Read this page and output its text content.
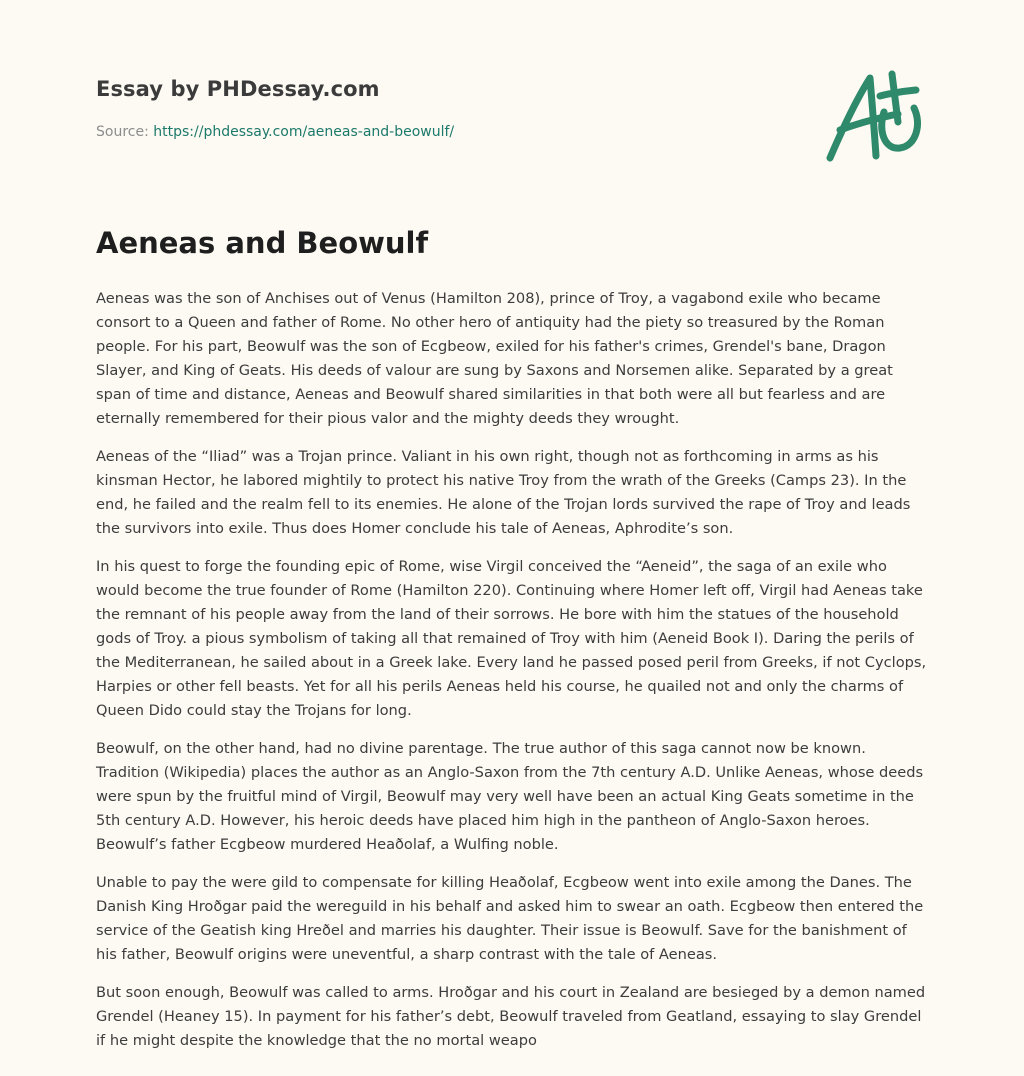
Essay by PHDessay.com
Source: https://phdessay.com/aeneas-and-beowulf/
Aeneas and Beowulf

Aeneas was the son of Anchises out of Venus (Hamilton 208), prince of Troy, a vagabond exile who became consort to a Queen and father of Rome. No other hero of antiquity had the piety so treasured by the Roman people. For his part, Beowulf was the son of Ecgbeow, exiled for his father's crimes, Grendel's bane, Dragon Slayer, and King of Geats. His deeds of valour are sung by Saxons and Norsemen alike. Separated by a great span of time and distance, Aeneas and Beowulf shared similarities in that both were all but fearless and are eternally remembered for their pious valor and the mighty deeds they wrought.

Aeneas of the “Iliad” was a Trojan prince. Valiant in his own right, though not as forthcoming in arms as his kinsman Hector, he labored mightily to protect his native Troy from the wrath of the Greeks (Camps 23). In the end, he failed and the realm fell to its enemies. He alone of the Trojan lords survived the rape of Troy and leads the survivors into exile. Thus does Homer conclude his tale of Aeneas, Aphrodite’s son.

In his quest to forge the founding epic of Rome, wise Virgil conceived the “Aeneid”, the saga of an exile who would become the true founder of Rome (Hamilton 220). Continuing where Homer left off, Virgil had Aeneas take the remnant of his people away from the land of their sorrows. He bore with him the statues of the household gods of Troy. a pious symbolism of taking all that remained of Troy with him (Aeneid Book I). Daring the perils of the Mediterranean, he sailed about in a Greek lake. Every land he passed posed peril from Greeks, if not Cyclops, Harpies or other fell beasts. Yet for all his perils Aeneas held his course, he quailed not and only the charms of Queen Dido could stay the Trojans for long.

Beowulf, on the other hand, had no divine parentage. The true author of this saga cannot now be known. Tradition (Wikipedia) places the author as an Anglo-Saxon from the 7th century A.D. Unlike Aeneas, whose deeds were spun by the fruitful mind of Virgil, Beowulf may very well have been an actual King Geats sometime in the 5th century A.D. However, his heroic deeds have placed him high in the pantheon of Anglo-Saxon heroes. Beowulf’s father Ecgbeow murdered Heaðolaf, a Wulfing noble.

Unable to pay the were gild to compensate for killing Heaðolaf, Ecgbeow went into exile among the Danes. The Danish King Hroðgar paid the wereguild in his behalf and asked him to swear an oath. Ecgbeow then entered the service of the Geatish king Hreðel and marries his daughter. Their issue is Beowulf. Save for the banishment of his father, Beowulf origins were uneventful, a sharp contrast with the tale of Aeneas.

But soon enough, Beowulf was called to arms. Hroðgar and his court in Zealand are besieged by a demon named Grendel (Heaney 15). In payment for his father’s debt, Beowulf traveled from Geatland, essaying to slay Grendel if he might despite the knowledge that the no mortal weapo
